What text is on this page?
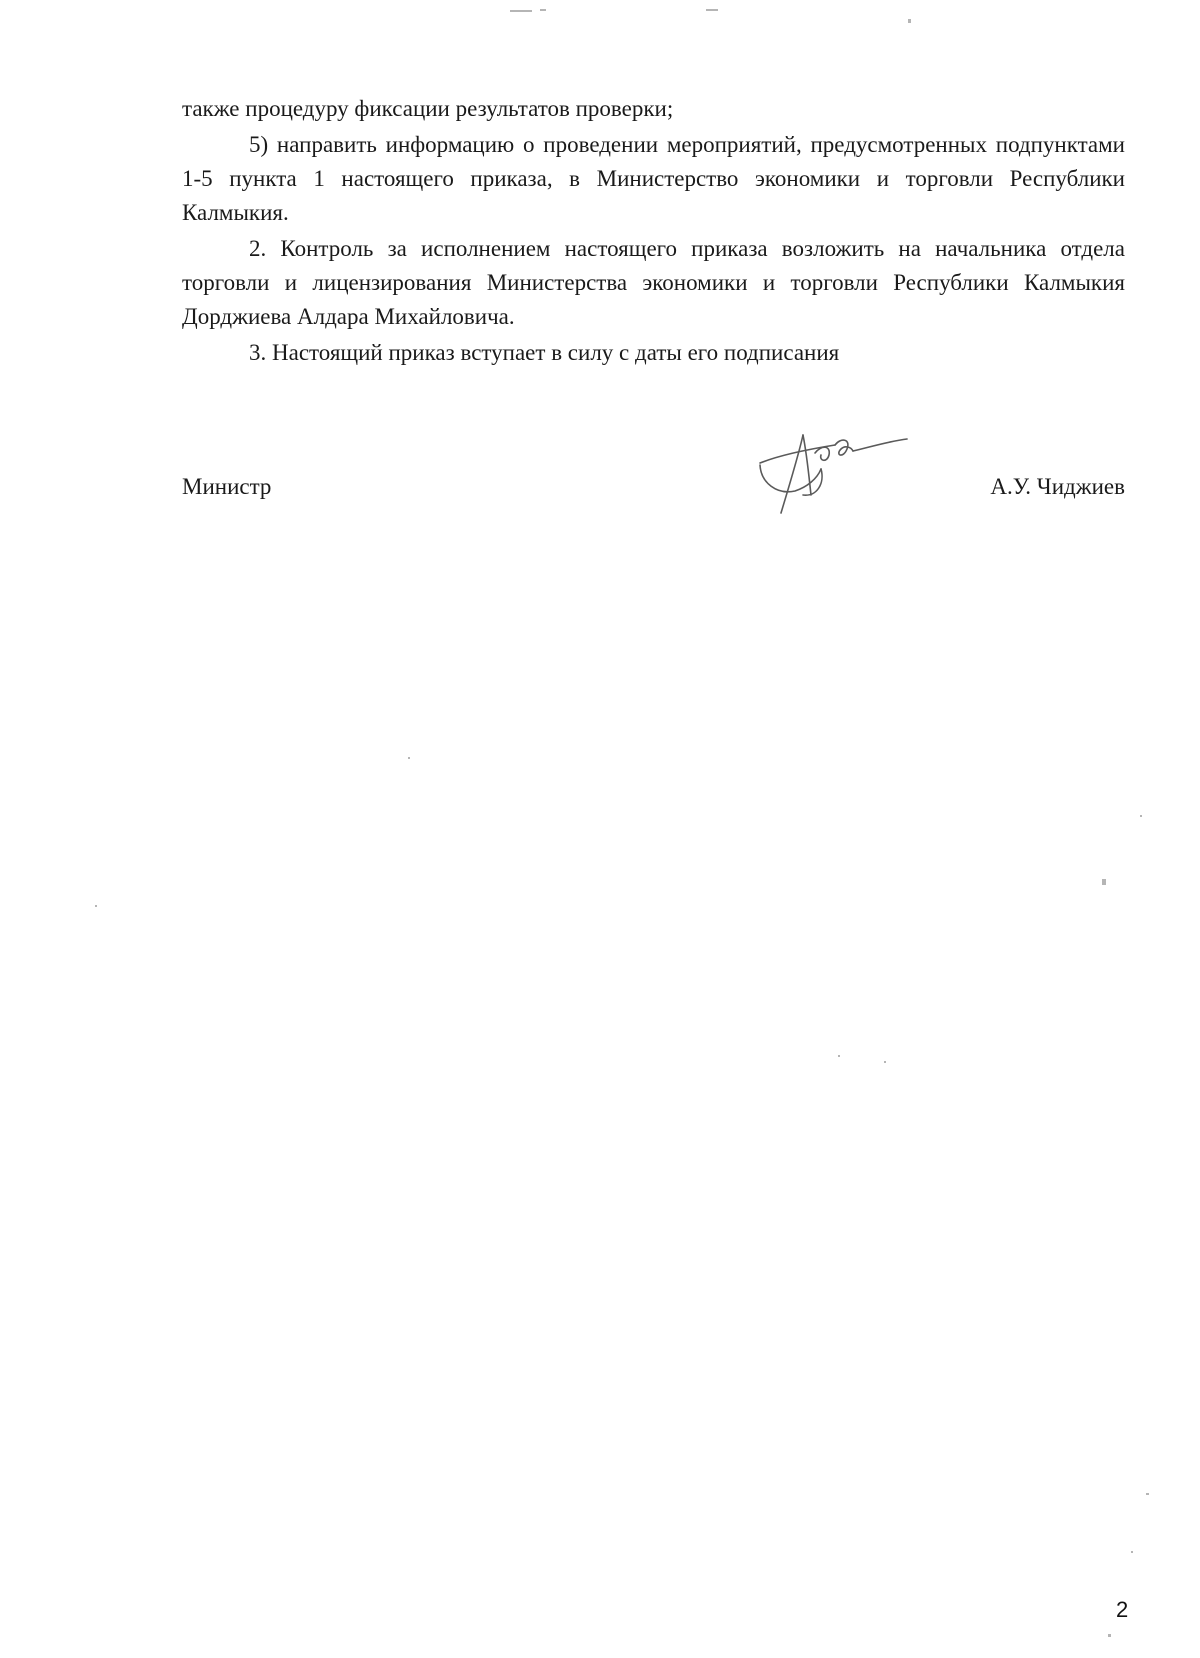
также процедуру фиксации результатов проверки;

5) направить информацию о проведении мероприятий, предусмотренных подпунктами 1-5 пункта 1 настоящего приказа, в Министерство экономики и торговли Республики Калмыкия.

2. Контроль за исполнением настоящего приказа возложить на начальника отдела торговли и лицензирования Министерства экономики и торговли Республики Калмыкия Дорджиева Алдара Михайловича.

3. Настоящий приказ вступает в силу с даты его подписания

Министр	А.У. Чиджиев
2
